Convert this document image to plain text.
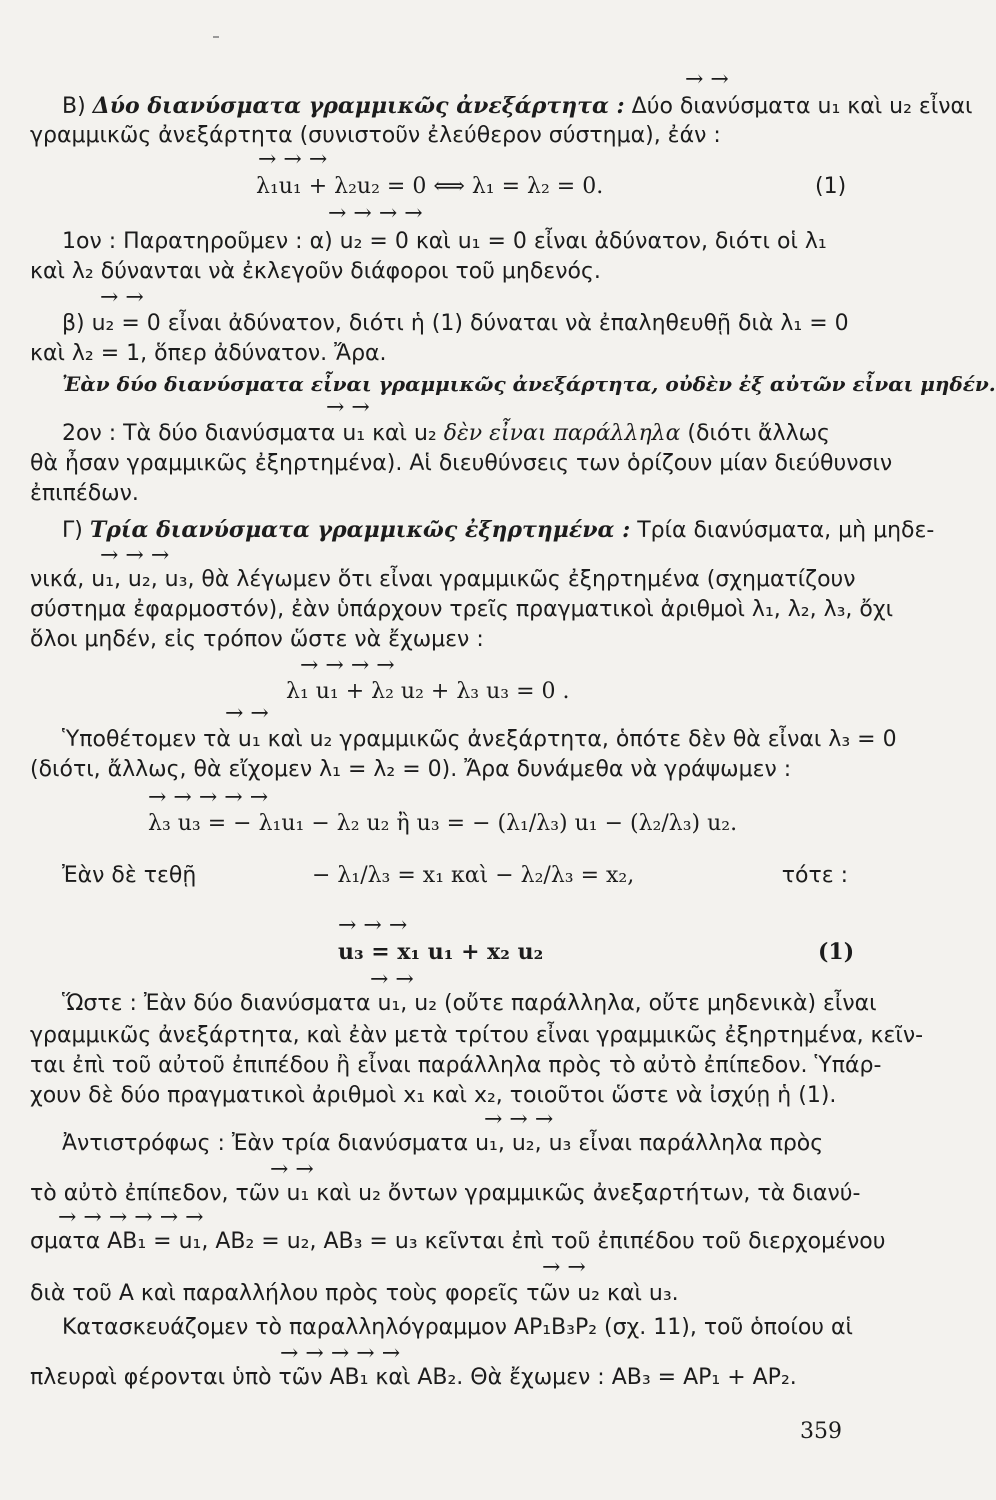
→ →
Β) Δύο διανύσματα γραμμικῶς ἀνεξάρτητα : Δύο διανύσματα u₁ καὶ u₂ εἶναι
γραμμικῶς ἀνεξάρτητα (συνιστοῦν ἐλεύθερον σύστημα), ἐάν :
→ → →
λ₁u₁ + λ₂u₂ = 0 ⟺ λ₁ = λ₂ = 0.	(1)
→ → → →
1ον : Παρατηροῦμεν : α) u₂ = 0 καὶ u₁ = 0 εἶναι ἀδύνατον, διότι οἱ λ₁
καὶ λ₂ δύνανται νὰ ἐκλεγοῦν διάφοροι τοῦ μηδενός.
→ →
β) u₂ = 0 εἶναι ἀδύνατον, διότι ἡ (1) δύναται νὰ ἐπαληθευθῇ διὰ λ₁ = 0
καὶ λ₂ = 1, ὅπερ ἀδύνατον. Ἄρα.
Ἐὰν δύο διανύσματα εἶναι γραμμικῶς ἀνεξάρτητα, οὐδὲν ἐξ αὐτῶν εἶναι μηδέν.
→ →
2ον : Τὰ δύο διανύσματα u₁ καὶ u₂ δὲν εἶναι παράλληλα (διότι ἄλλως
θὰ ἦσαν γραμμικῶς ἐξηρτημένα). Αἱ διευθύνσεις των ὁρίζουν μίαν διεύθυνσιν
ἐπιπέδων.
Γ) Τρία διανύσματα γραμμικῶς ἐξηρτημένα : Τρία διανύσματα, μὴ μηδε-
→ → →
νικά, u₁, u₂, u₃, θὰ λέγωμεν ὅτι εἶναι γραμμικῶς ἐξηρτημένα (σχηματίζουν
σύστημα ἐφαρμοστόν), ἐὰν ὑπάρχουν τρεῖς πραγματικοὶ ἀριθμοὶ λ₁, λ₂, λ₃, ὄχι
ὅλοι μηδέν, εἰς τρόπον ὥστε νὰ ἔχωμεν :
→ → → →
λ₁ u₁ + λ₂ u₂ + λ₃ u₃ = 0 .
→ →
Ὑποθέτομεν τὰ u₁ καὶ u₂ γραμμικῶς ἀνεξάρτητα, ὁπότε δὲν θὰ εἶναι λ₃ = 0
(διότι, ἄλλως, θὰ εἴχομεν λ₁ = λ₂ = 0). Ἄρα δυνάμεθα νὰ γράψωμεν :
→ → → → →
λ₃ u₃ = − λ₁u₁ − λ₂ u₂ ἢ u₃ = − (λ₁/λ₃) u₁ − (λ₂/λ₃) u₂.
Ἐὰν δὲ τεθῇ	− λ₁/λ₃ = x₁ καὶ − λ₂/λ₃ = x₂,	τότε :
→ → →
u₃ = x₁ u₁ + x₂ u₂	(1)
→ →
Ὥστε : Ἐὰν δύο διανύσματα u₁, u₂ (οὔτε παράλληλα, οὔτε μηδενικὰ) εἶναι
γραμμικῶς ἀνεξάρτητα, καὶ ἐὰν μετὰ τρίτου εἶναι γραμμικῶς ἐξηρτημένα, κεῖν-
ται ἐπὶ τοῦ αὐτοῦ ἐπιπέδου ἢ εἶναι παράλληλα πρὸς τὸ αὐτὸ ἐπίπεδον. Ὑπάρ-
χουν δὲ δύο πραγματικοὶ ἀριθμοὶ x₁ καὶ x₂, τοιοῦτοι ὥστε νὰ ἰσχύῃ ἡ (1).
→ → →
Ἀντιστρόφως : Ἐὰν τρία διανύσματα u₁, u₂, u₃ εἶναι παράλληλα πρὸς
→ →
τὸ αὐτὸ ἐπίπεδον, τῶν u₁ καὶ u₂ ὄντων γραμμικῶς ἀνεξαρτήτων, τὰ διανύ-
→ → → → → →
σματα AB₁ = u₁, AB₂ = u₂, AB₃ = u₃ κεῖνται ἐπὶ τοῦ ἐπιπέδου τοῦ διερχομένου
→ →
διὰ τοῦ A καὶ παραλλήλου πρὸς τοὺς φορεῖς τῶν u₂ καὶ u₃.
Κατασκευάζομεν τὸ παραλληλόγραμμον AP₁B₃P₂ (σχ. 11), τοῦ ὁποίου αἱ
→ → → → →
πλευραὶ φέρονται ὑπὸ τῶν AB₁ καὶ AB₂. Θὰ ἔχωμεν : AB₃ = AP₁ + AP₂.
359
